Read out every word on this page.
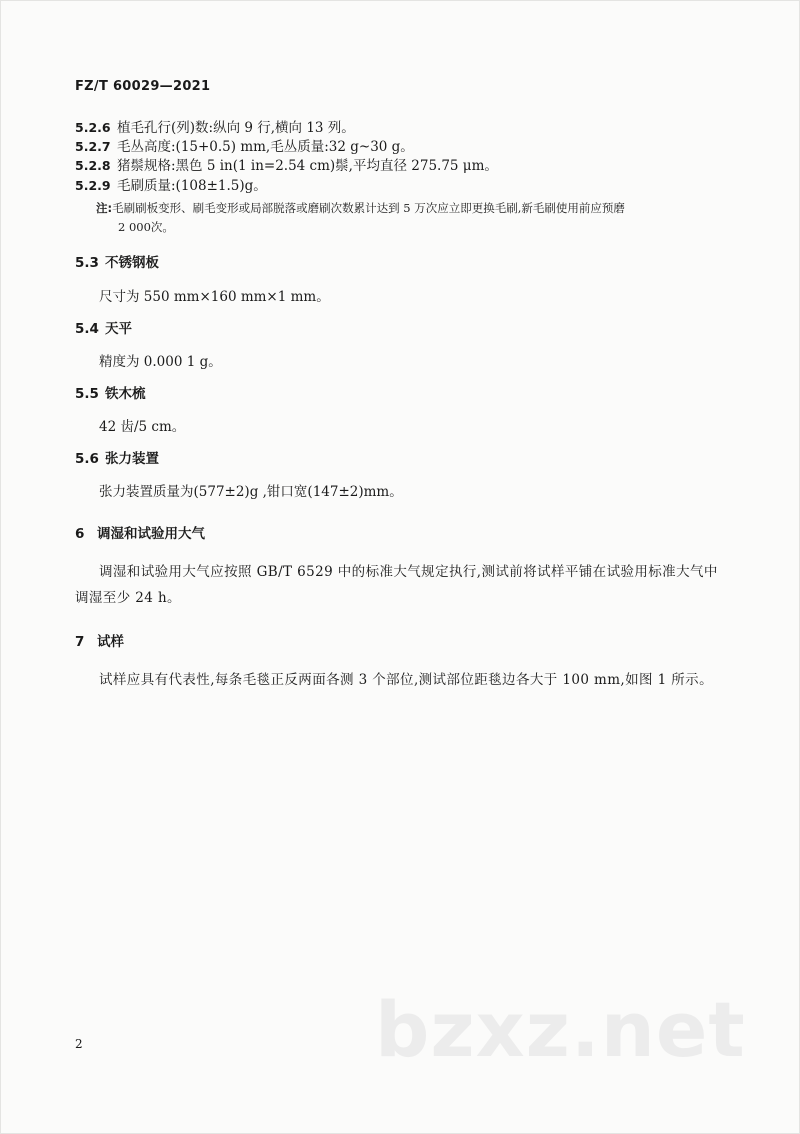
FZ/T 60029—2021
5.2.6 植毛孔行(列)数:纵向 9 行,横向 13 列。
5.2.7 毛丛高度:(15+0.5) mm,毛丛质量:32 g~30 g。
5.2.8 猪鬃规格:黑色 5 in(1 in=2.54 cm)鬃,平均直径 275.75 μm。
5.2.9 毛刷质量:(108±1.5)g。
注:毛刷刷板变形、刷毛变形或局部脱落或磨刷次数累计达到 5 万次应立即更换毛刷,新毛刷使用前应预磨
2 000次。
5.3 不锈钢板
尺寸为 550 mm×160 mm×1 mm。
5.4 天平
精度为 0.000 1 g。
5.5 铁木梳
42 齿/5 cm。
5.6 张力装置
张力装置质量为(577±2)g ,钳口宽(147±2)mm。
6 调湿和试验用大气
调湿和试验用大气应按照 GB/T 6529 中的标准大气规定执行,测试前将试样平铺在试验用标准大气中调湿至少 24 h。
7 试样
试样应具有代表性,每条毛毯正反两面各测 3 个部位,测试部位距毯边各大于 100 mm,如图 1 所示。
2	bzxz.net
